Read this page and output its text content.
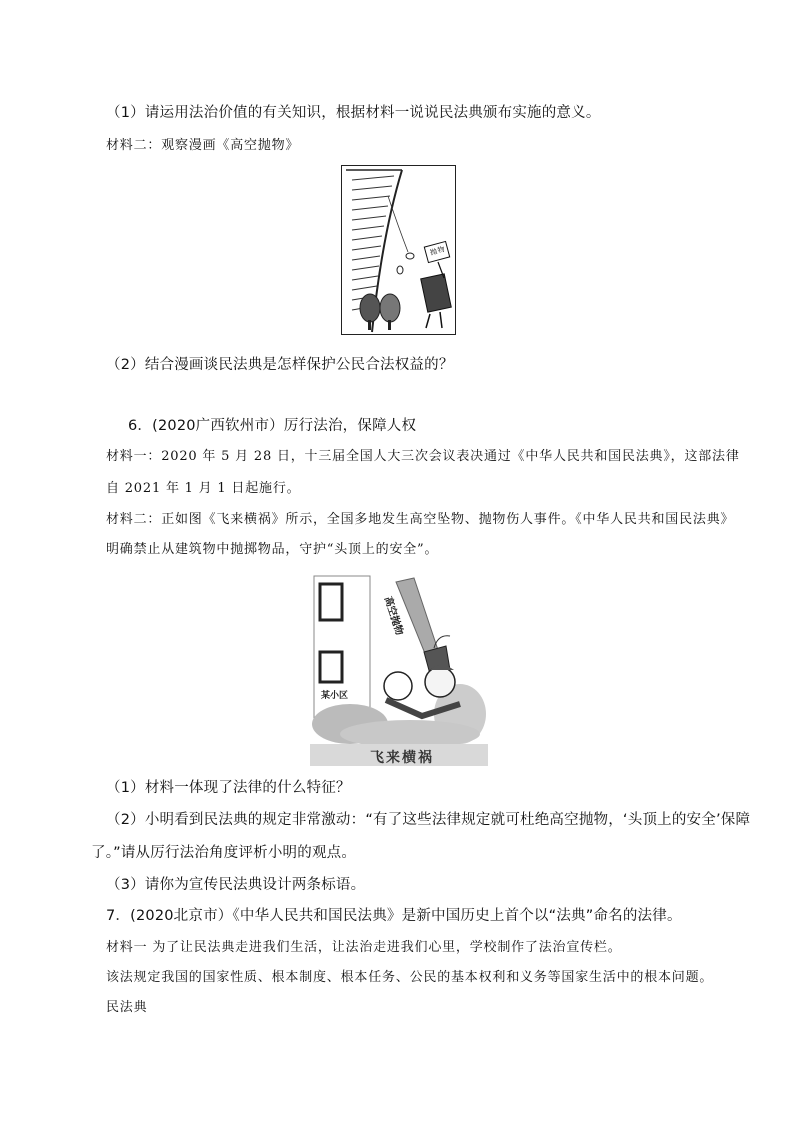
（1）请运用法治价值的有关知识，根据材料一说说民法典颁布实施的意义。
材料二：观察漫画《高空抛物》
抛物
（2）结合漫画谈民法典是怎样保护公民合法权益的？
6．(2020广西钦州市）厉行法治，保障人权
材料一：2020 年 5 月 28 日，十三届全国人大三次会议表决通过《中华人民共和国民法典》，这部法律
自 2021 年 1 月 1 日起施行。
材料二：正如图《飞来横祸》所示，全国多地发生高空坠物、抛物伤人事件。《中华人民共和国民法典》
明确禁止从建筑物中抛掷物品，守护“头顶上的安全”。
高空抛物
某小区
飞来横祸
（1）材料一体现了法律的什么特征？
（2）小明看到民法典的规定非常激动：“有了这些法律规定就可杜绝高空抛物，‘头顶上的安全’保障
了。”请从厉行法治角度评析小明的观点。
（3）请你为宣传民法典设计两条标语。
7．(2020北京市）《中华人民共和国民法典》是新中国历史上首个以“法典”命名的法律。
材料一 为了让民法典走进我们生活，让法治走进我们心里，学校制作了法治宣传栏。
该法规定我国的国家性质、根本制度、根本任务、公民的基本权利和义务等国家生活中的根本问题。
民法典
